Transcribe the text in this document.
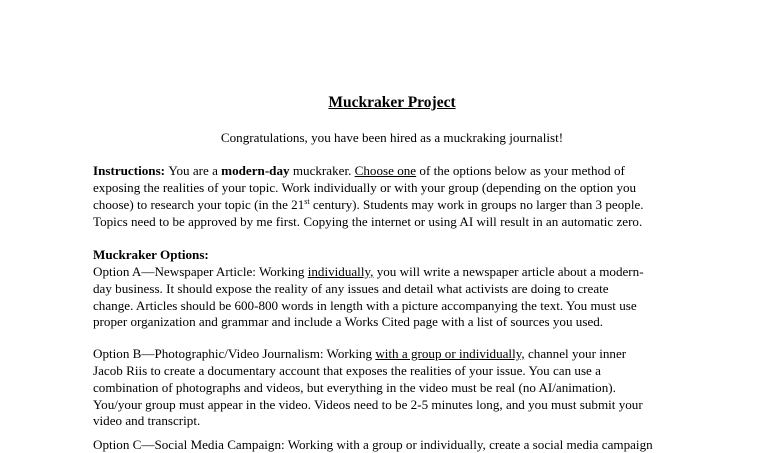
Muckraker Project
Congratulations, you have been hired as a muckraking journalist!
Instructions: You are a modern-day muckraker. Choose one of the options below as your method of
exposing the realities of your topic. Work individually or with your group (depending on the option you
choose) to research your topic (in the 21st century). Students may work in groups no larger than 3 people.
Topics need to be approved by me first. Copying the internet or using AI will result in an automatic zero.
Muckraker Options:
Option A—Newspaper Article: Working individually, you will write a newspaper article about a modern-
day business. It should expose the reality of any issues and detail what activists are doing to create
change. Articles should be 600-800 words in length with a picture accompanying the text. You must use
proper organization and grammar and include a Works Cited page with a list of sources you used.
Option B—Photographic/Video Journalism: Working with a group or individually, channel your inner
Jacob Riis to create a documentary account that exposes the realities of your issue. You can use a
combination of photographs and videos, but everything in the video must be real (no AI/animation).
You/your group must appear in the video. Videos need to be 2-5 minutes long, and you must submit your
video and transcript.
Option C—Social Media Campaign: Working with a group or individually, create a social media campaign
